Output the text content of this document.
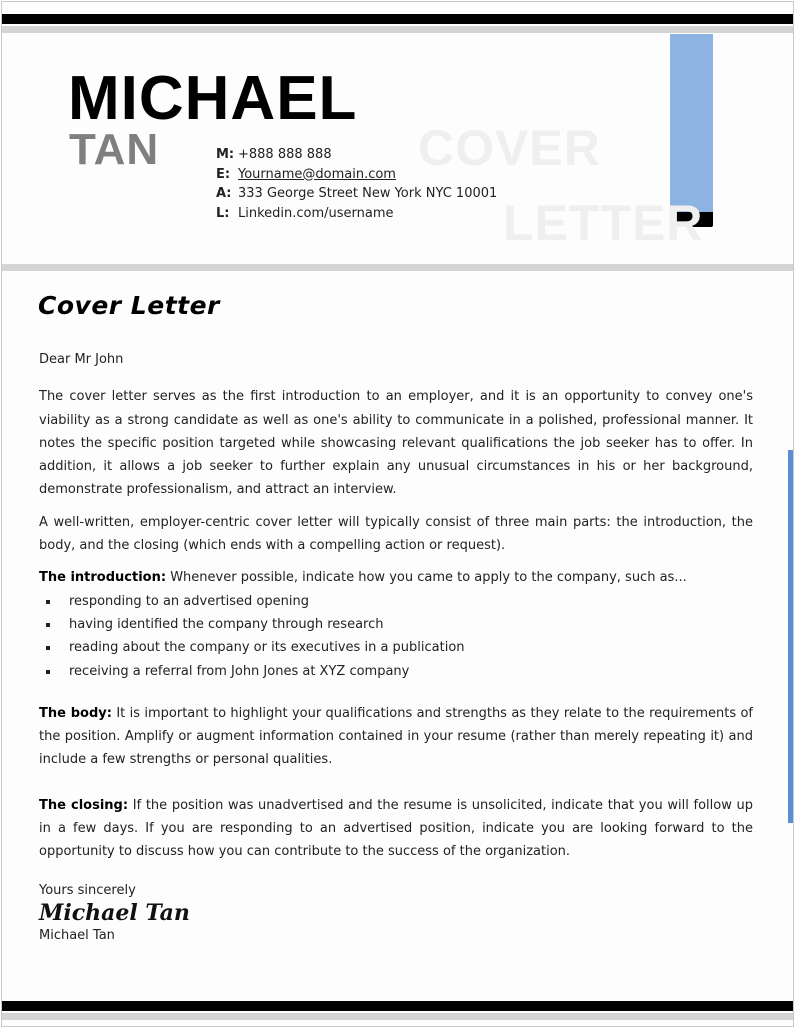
COVER
LETTER
MICHAEL
TAN	M: +888 888 888
E: Yourname@domain.com
A: 333 George Street New York NYC 10001
L: Linkedin.com/username
Cover Letter

Dear Mr John

The cover letter serves as the first introduction to an employer, and it is an opportunity to convey one's viability as a strong candidate as well as one's ability to communicate in a polished, professional manner. It notes the specific position targeted while showcasing relevant qualifications the job seeker has to offer. In addition, it allows a job seeker to further explain any unusual circumstances in his or her background, demonstrate professionalism, and attract an interview.

A well-written, employer-centric cover letter will typically consist of three main parts: the introduction, the body, and the closing (which ends with a compelling action or request).

The introduction: Whenever possible, indicate how you came to apply to the company, such as...

responding to an advertised opening
having identified the company through research
reading about the company or its executives in a publication
receiving a referral from John Jones at XYZ company

The body: It is important to highlight your qualifications and strengths as they relate to the requirements of the position. Amplify or augment information contained in your resume (rather than merely repeating it) and include a few strengths or personal qualities.

The closing: If the position was unadvertised and the resume is unsolicited, indicate that you will follow up in a few days. If you are responding to an advertised position, indicate you are looking forward to the opportunity to discuss how you can contribute to the success of the organization.

Yours sincerely

Michael Tan

Michael Tan
